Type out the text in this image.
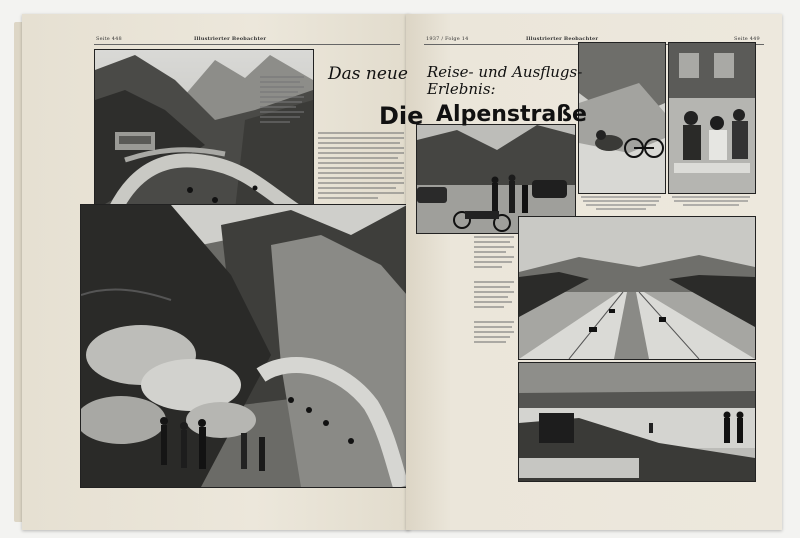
Seite 448	Illustrierter Beobachter	1937 / Folge 14	Illustrierter Beobachter	Seite 449
Das neue Reise- und Ausflugs-Erlebnis:
Die Alpenstraße
